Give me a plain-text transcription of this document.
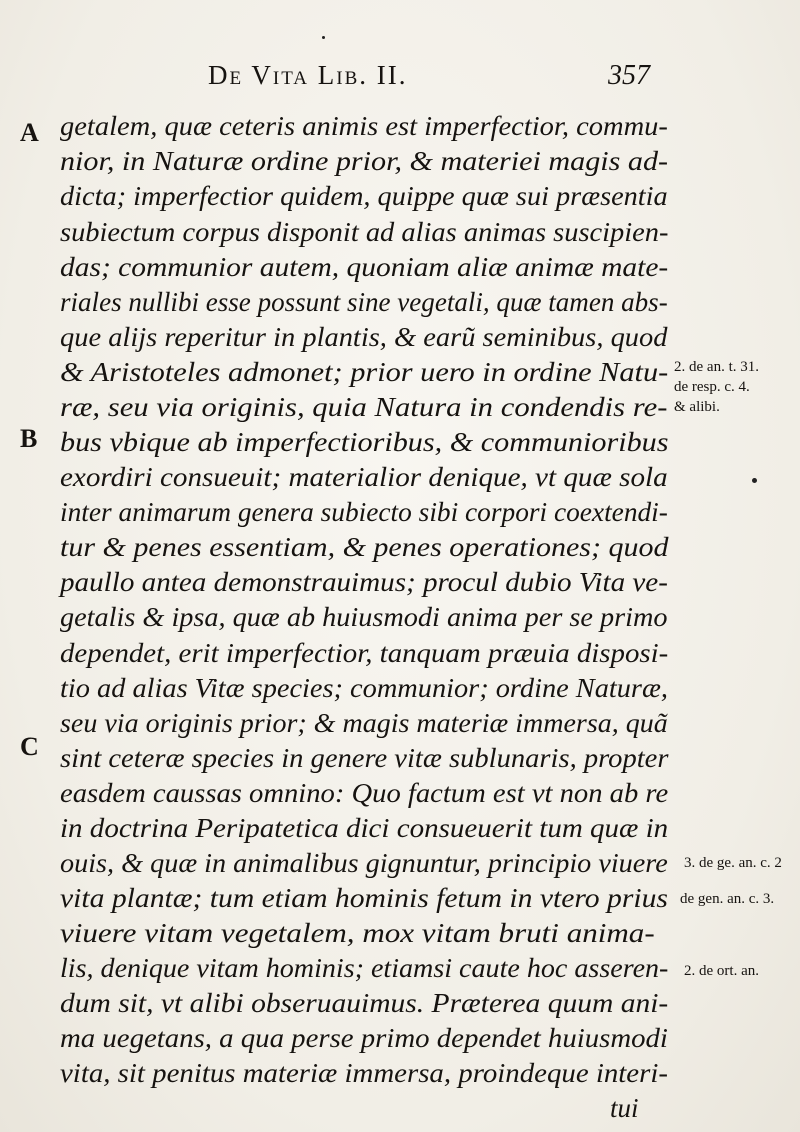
De Vita Lib. II.	357
A
B
C
getalem, quæ ceteris animis est imperfectior, commu-
nior, in Naturæ ordine prior, & materiei magis ad-
dicta; imperfectior quidem, quippe quæ sui præsentia
subiectum corpus disponit ad alias animas suscipien-
das; communior autem, quoniam aliæ animæ mate-
riales nullibi esse possunt sine vegetali, quæ tamen abs-
que alijs reperitur in plantis, & earũ seminibus, quod
& Aristoteles admonet; prior uero in ordine Natu-
ræ, seu via originis, quia Natura in condendis re-
bus vbique ab imperfectioribus, & communioribus
exordiri consueuit; materialior denique, vt quæ sola
inter animarum genera subiecto sibi corpori coextendi-
tur & penes essentiam, & penes operationes; quod
paullo antea demonstrauimus; procul dubio Vita ve-
getalis & ipsa, quæ ab huiusmodi anima per se primo
dependet, erit imperfectior, tanquam præuia disposi-
tio ad alias Vitæ species; communior; ordine Naturæ,
seu via originis prior; & magis materiæ immersa, quã
sint ceteræ species in genere vitæ sublunaris, propter
easdem caussas omnino: Quo factum est vt non ab re
in doctrina Peripatetica dici consueuerit tum quæ in
ouis, & quæ in animalibus gignuntur, principio viuere
vita plantæ; tum etiam hominis fetum in vtero prius
viuere vitam vegetalem, mox vitam bruti anima-
lis, denique vitam hominis; etiamsi caute hoc asseren-
dum sit, vt alibi obseruauimus. Præterea quum ani-
ma uegetans, a qua perse primo dependet huiusmodi
vita, sit penitus materiæ immersa, proindeque interi-
tui
2. de an. t. 31.
de resp. c. 4.
& alibi.
3. de ge. an. c. 2
de gen. an. c. 3.
2. de ort. an.
